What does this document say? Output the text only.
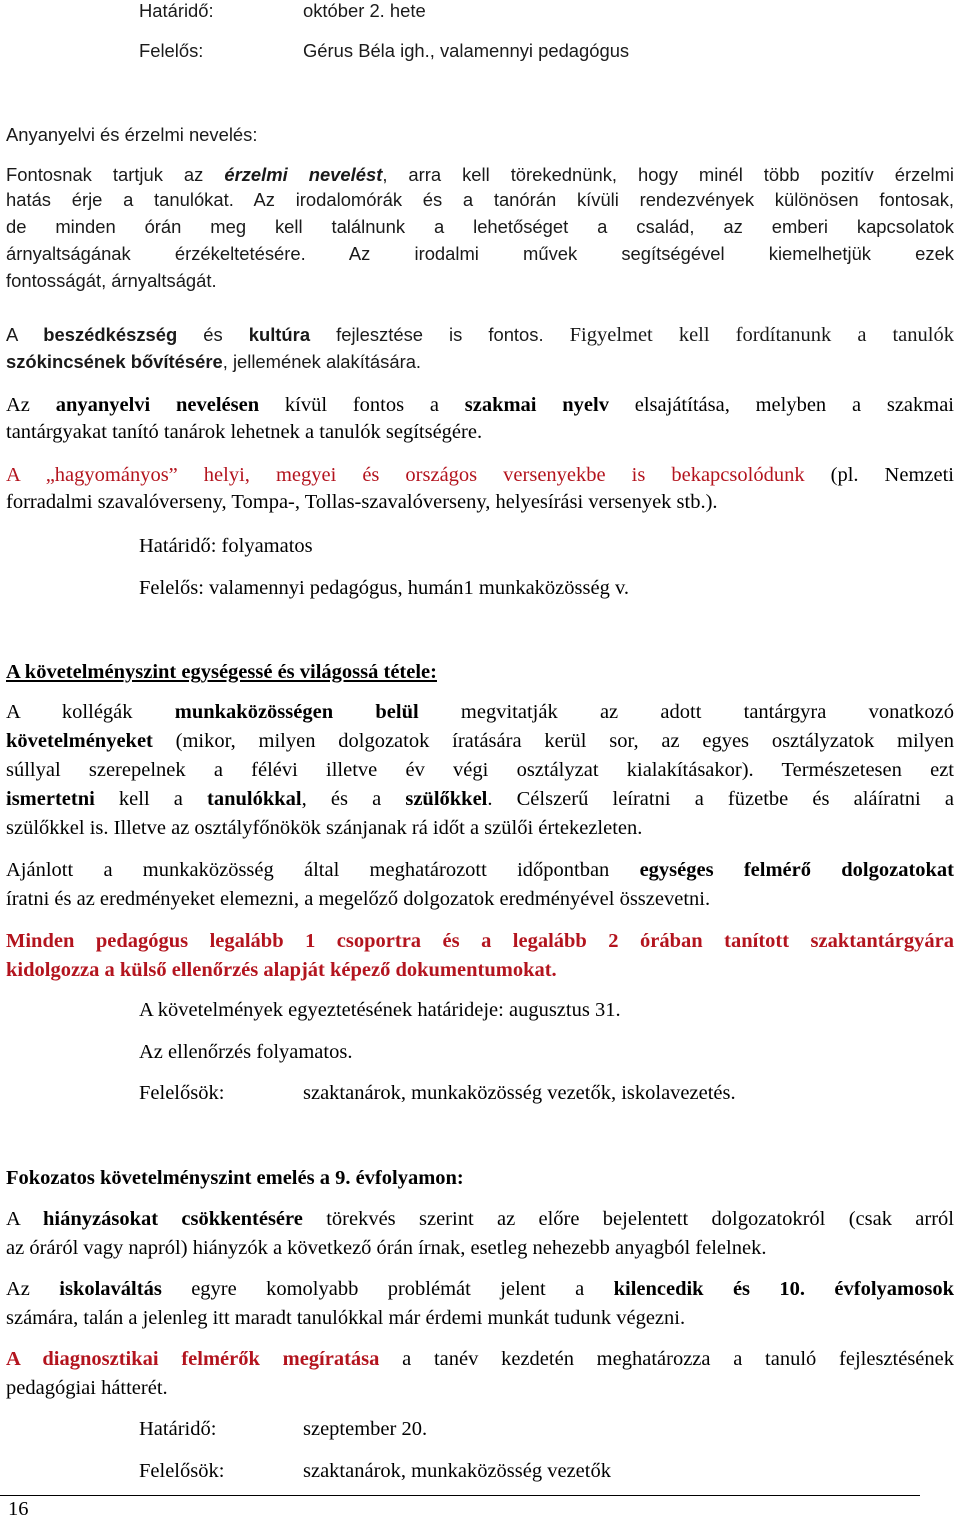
Határidő:	október 2. hete
Felelős:	Gérus Béla igh., valamennyi pedagógus
Anyanyelvi és érzelmi nevelés:
Fontosnak tartjuk az érzelmi nevelést, arra kell törekednünk, hogy minél több pozitív érzelmi
hatás érje a tanulókat. Az irodalomórák és a tanórán kívüli rendezvények különösen fontosak,
de minden órán meg kell találnunk a lehetőséget a család, az emberi kapcsolatok
árnyaltságának érzékeltetésére. Az irodalmi művek segítségével kiemelhetjük ezek
fontosságát, árnyaltságát.
A beszédkészség és kultúra fejlesztése is fontos. Figyelmet kell fordítanunk a tanulók
szókincsének bővítésére, jellemének alakítására.
Az anyanyelvi nevelésen kívül fontos a szakmai nyelv elsajátítása, melyben a szakmai
tantárgyakat tanító tanárok lehetnek a tanulók segítségére.
A „hagyományos” helyi, megyei és országos versenyekbe is bekapcsolódunk (pl. Nemzeti
forradalmi szavalóverseny, Tompa-, Tollas-szavalóverseny, helyesírási versenyek stb.).
Határidő: folyamatos
Felelős: valamennyi pedagógus, humán1 munkaközösség v.
A követelményszint egységessé és világossá tétele:
A kollégák munkaközösségen belül megvitatják az adott tantárgyra vonatkozó
követelményeket (mikor, milyen dolgozatok íratására kerül sor, az egyes osztályzatok milyen
súllyal szerepelnek a félévi illetve év végi osztályzat kialakításakor). Természetesen ezt
ismertetni kell a tanulókkal, és a szülőkkel. Célszerű leíratni a füzetbe és aláíratni a
szülőkkel is. Illetve az osztályfőnökök szánjanak rá időt a szülői értekezleten.
Ajánlott a munkaközösség által meghatározott időpontban egységes felmérő dolgozatokat
íratni és az eredményeket elemezni, a megelőző dolgozatok eredményével összevetni.
Minden pedagógus legalább 1 csoportra és a legalább 2 órában tanított szaktantárgyára
kidolgozza a külső ellenőrzés alapját képező dokumentumokat.
A követelmények egyeztetésének határideje: augusztus 31.
Az ellenőrzés folyamatos.
Felelősök:	szaktanárok, munkaközösség vezetők, iskolavezetés.
Fokozatos követelményszint emelés a 9. évfolyamon:
A hiányzásokat csökkentésére törekvés szerint az előre bejelentett dolgozatokról (csak arról
az óráról vagy napról) hiányzók a következő órán írnak, esetleg nehezebb anyagból felelnek.
Az iskolaváltás egyre komolyabb problémát jelent a kilencedik és 10. évfolyamosok
számára, talán a jelenleg itt maradt tanulókkal már érdemi munkát tudunk végezni.
A diagnosztikai felmérők megíratása a tanév kezdetén meghatározza a tanuló fejlesztésének
pedagógiai hátterét.
Határidő:	szeptember 20.
Felelősök:	szaktanárok, munkaközösség vezetők
16
